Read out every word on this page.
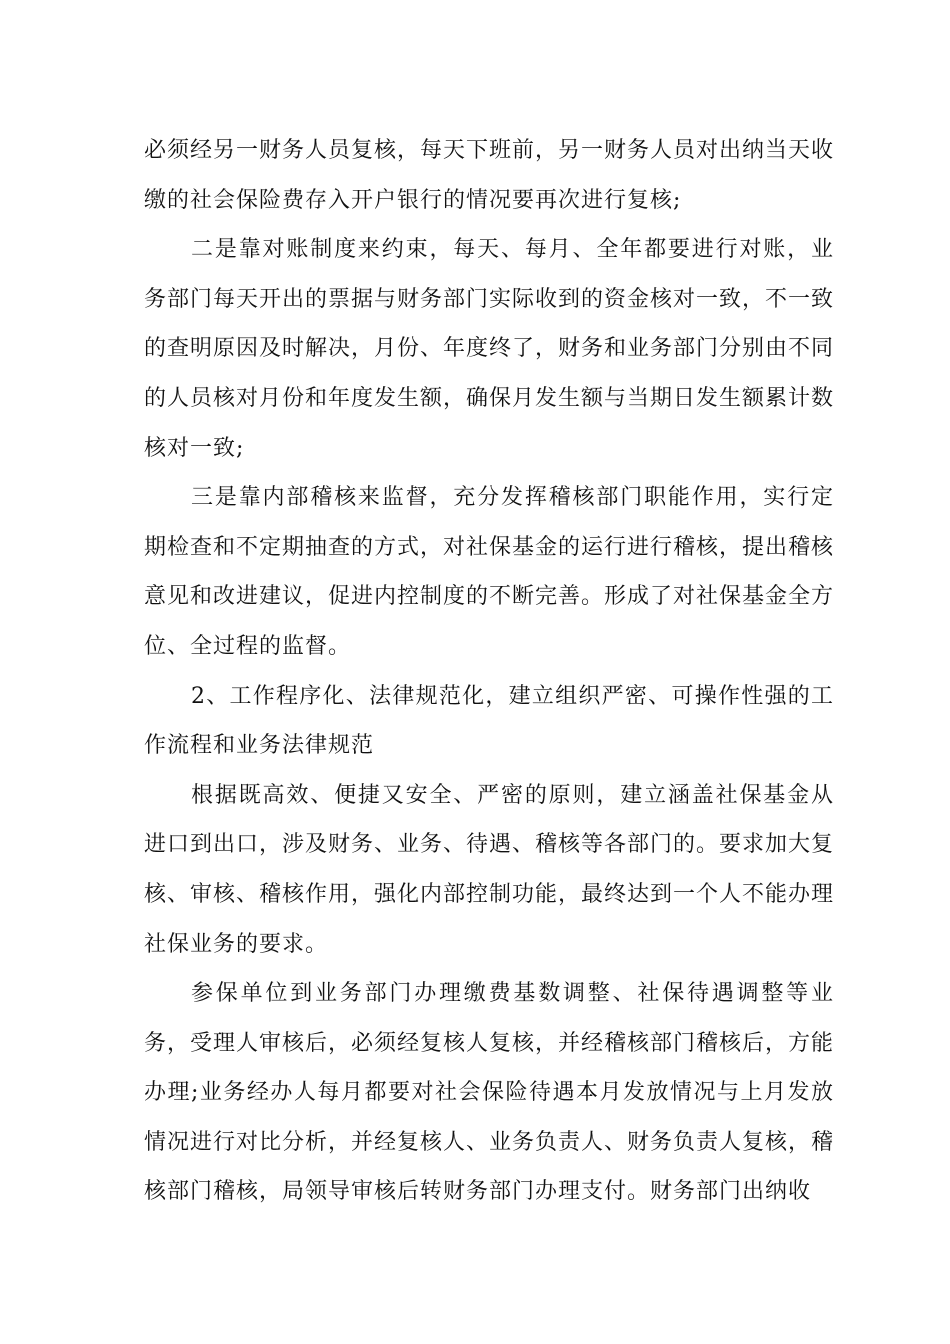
必须经另一财务人员复核，每天下班前，另一财务人员对出纳当天收缴的社会保险费存入开户银行的情况要再次进行复核;

二是靠对账制度来约束，每天、每月、全年都要进行对账，业务部门每天开出的票据与财务部门实际收到的资金核对一致，不一致的查明原因及时解决，月份、年度终了，财务和业务部门分别由不同的人员核对月份和年度发生额，确保月发生额与当期日发生额累计数核对一致;

三是靠内部稽核来监督，充分发挥稽核部门职能作用，实行定期检查和不定期抽查的方式，对社保基金的运行进行稽核，提出稽核意见和改进建议，促进内控制度的不断完善。形成了对社保基金全方位、全过程的监督。

2、工作程序化、法律规范化，建立组织严密、可操作性强的工作流程和业务法律规范

根据既高效、便捷又安全、严密的原则，建立涵盖社保基金从进口到出口，涉及财务、业务、待遇、稽核等各部门的。要求加大复核、审核、稽核作用，强化内部控制功能，最终达到一个人不能办理社保业务的要求。

参保单位到业务部门办理缴费基数调整、社保待遇调整等业务，受理人审核后，必须经复核人复核，并经稽核部门稽核后，方能办理;业务经办人每月都要对社会保险待遇本月发放情况与上月发放情况进行对比分析，并经复核人、业务负责人、财务负责人复核，稽核部门稽核，局领导审核后转财务部门办理支付。财务部门出纳收
